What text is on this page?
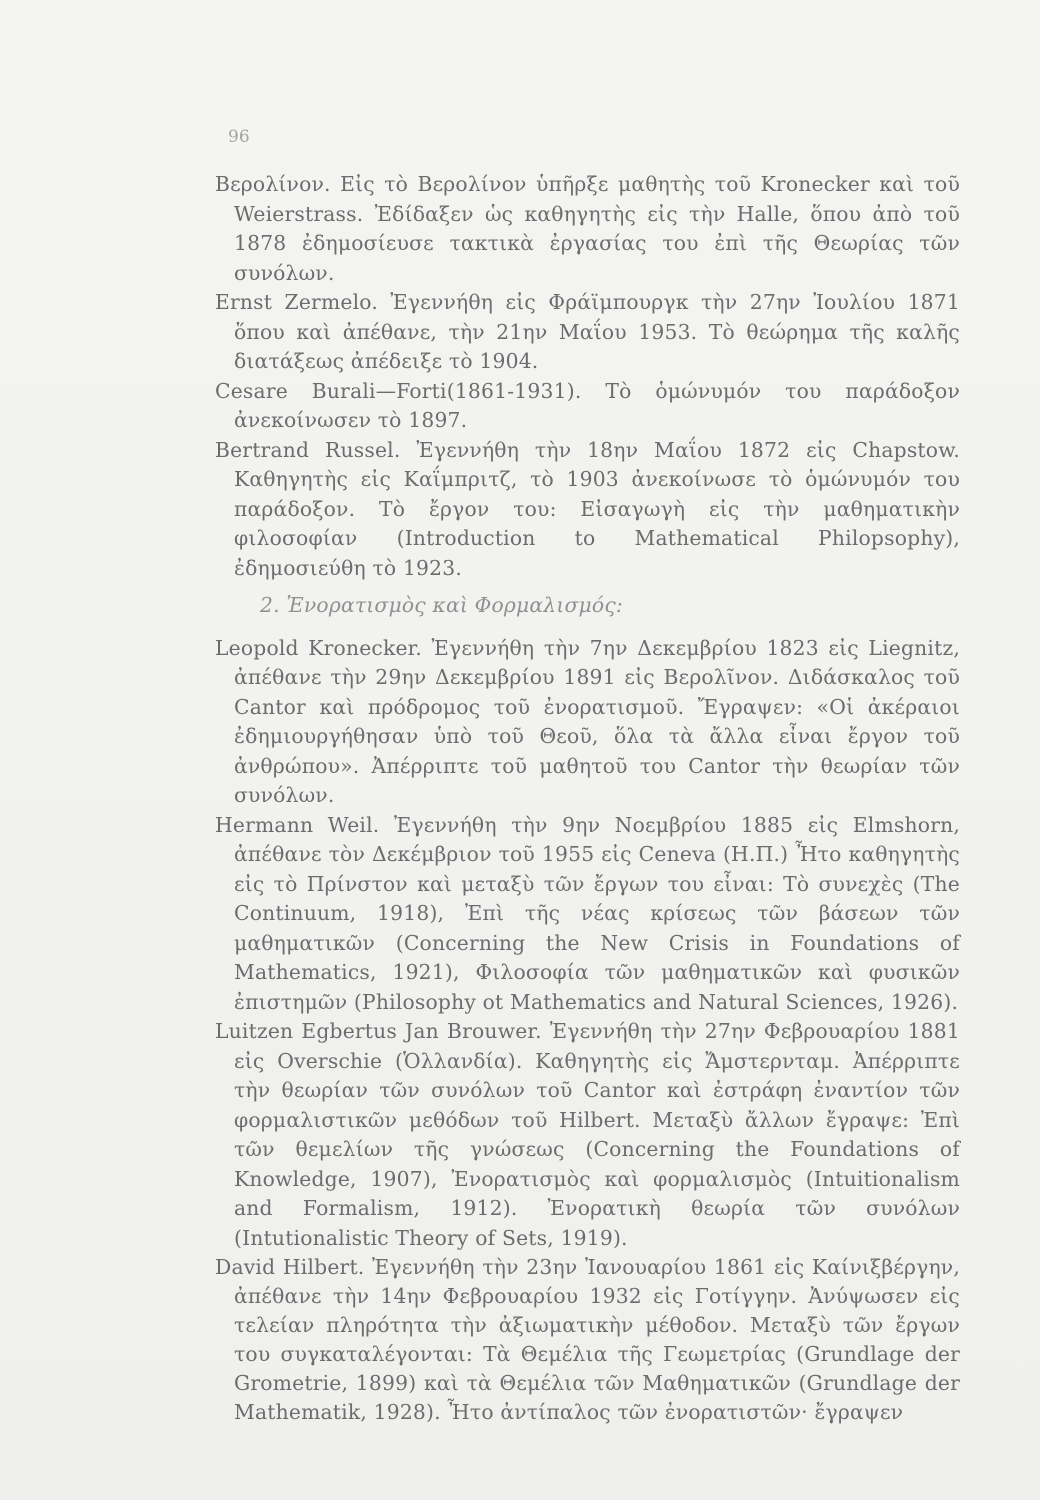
96

Βερολίνον. Εἰς τὸ Βερολίνον ὑπῆρξε μαθητὴς τοῦ Kronecker καὶ τοῦ Weierstrass. Ἐδίδαξεν ὡς καθηγητὴς εἰς τὴν Halle, ὅπου ἀπὸ τοῦ 1878 ἐδημοσίευσε τακτικὰ ἐργασίας του ἐπὶ τῆς Θεωρίας τῶν συνόλων.

Ernst Zermelo. Ἐγεννήθη εἰς Φράϊμπουργκ τὴν 27ην Ἰουλίου 1871 ὅπου καὶ ἀπέθανε, τὴν 21ην Μαΐου 1953. Τὸ θεώρημα τῆς καλῆς διατάξεως ἀπέδειξε τὸ 1904.

Cesare Burali—Forti(1861-1931). Τὸ ὁμώνυμόν του παράδοξον ἀνεκοίνωσεν τὸ 1897.

Bertrand Russel. Ἐγεννήθη τὴν 18ην Μαΐου 1872 εἰς Chapstow. Καθηγητὴς εἰς Καΐμπριτζ, τὸ 1903 ἀνεκοίνωσε τὸ ὁμώνυμόν του παράδοξον. Τὸ ἔργον του: Εἰσαγωγὴ εἰς τὴν μαθηματικὴν φιλοσοφίαν (Introduction to Mathematical Philopsophy), ἐδημοσιεύθη τὸ 1923.

2. Ἐνορατισμὸς καὶ Φορμαλισμός:

Leopold Kronecker. Ἐγεννήθη τὴν 7ην Δεκεμβρίου 1823 εἰς Liegnitz, ἀπέθανε τὴν 29ην Δεκεμβρίου 1891 εἰς Βερολῖνον. Διδάσκαλος τοῦ Cantor καὶ πρόδρομος τοῦ ἐνορατισμοῦ. Ἔγραψεν: «Οἱ ἀκέραιοι ἐδημιουργήθησαν ὑπὸ τοῦ Θεοῦ, ὅλα τὰ ἄλλα εἶναι ἔργον τοῦ ἀνθρώπου». Ἀπέρριπτε τοῦ μαθητοῦ του Cantor τὴν θεωρίαν τῶν συνόλων.

Hermann Weil. Ἐγεννήθη τὴν 9ην Νοεμβρίου 1885 εἰς Elmshorn, ἀπέθανε τὸν Δεκέμβριον τοῦ 1955 εἰς Ceneva (Η.Π.) Ἦτο καθηγητὴς εἰς τὸ Πρίνστον καὶ μεταξὺ τῶν ἔργων του εἶναι: Τὸ συνεχὲς (The Continuum, 1918), Ἐπὶ τῆς νέας κρίσεως τῶν βάσεων τῶν μαθηματικῶν (Concerning the New Crisis in Foundations of Mathematics, 1921), Φιλοσοφία τῶν μαθηματικῶν καὶ φυσικῶν ἐπιστημῶν (Philosophy ot Mathematics and Natural Sciences, 1926).

Luitzen Egbertus Jan Brouwer. Ἐγεννήθη τὴν 27ην Φεβρουαρίου 1881 εἰς Overschie (Ὁλλανδία). Καθηγητὴς εἰς Ἄμστερνταμ. Ἀπέρριπτε τὴν θεωρίαν τῶν συνόλων τοῦ Cantor καὶ ἐστράφη ἐναντίον τῶν φορμαλιστικῶν μεθόδων τοῦ Hilbert. Μεταξὺ ἄλλων ἔγραψε: Ἐπὶ τῶν θεμελίων τῆς γνώσεως (Concerning the Foundations of Knowledge, 1907), Ἐνορατισμὸς καὶ φορμαλισμὸς (Intuitionalism and Formalism, 1912). Ἐνορατικὴ θεωρία τῶν συνόλων (Intutionalistic Theory of Sets, 1919).

David Hilbert. Ἐγεννήθη τὴν 23ην Ἰανουαρίου 1861 εἰς Καίνιξβέργην, ἀπέθανε τὴν 14ην Φεβρουαρίου 1932 εἰς Γοτίγγην. Ἀνύψωσεν εἰς τελείαν πληρότητα τὴν ἀξιωματικὴν μέθοδον. Μεταξὺ τῶν ἔργων του συγκαταλέγονται: Τὰ Θεμέλια τῆς Γεωμετρίας (Grundlage der Grometrie, 1899) καὶ τὰ Θεμέλια τῶν Μαθηματικῶν (Grundlage der Mathematik, 1928). Ἦτο ἀντίπαλος τῶν ἐνορατιστῶν· ἔγραψεν
